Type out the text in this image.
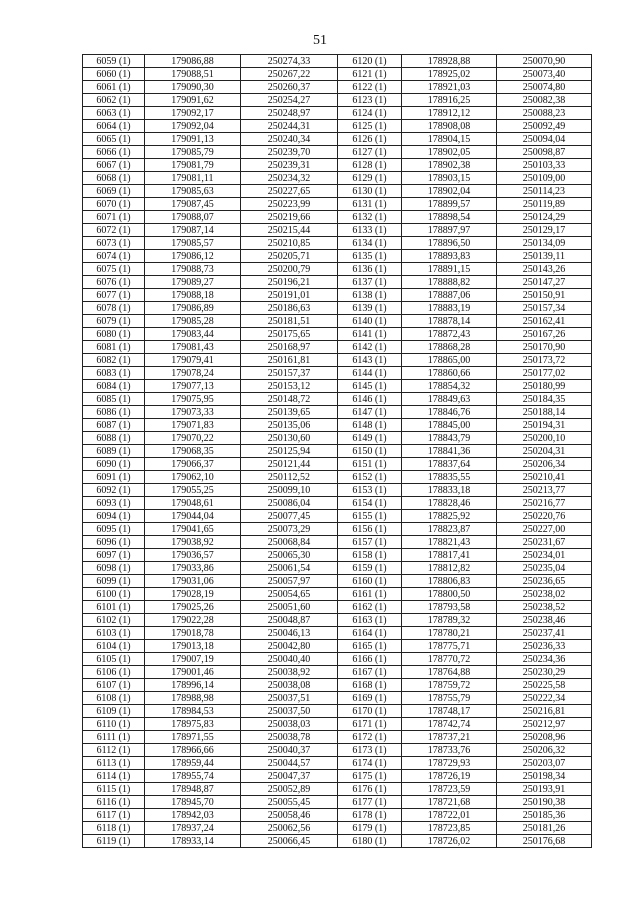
51
6059 (1)	179086,88	250274,33	6120 (1)	178928,88	250070,90
6060 (1)	179088,51	250267,22	6121 (1)	178925,02	250073,40
6061 (1)	179090,30	250260,37	6122 (1)	178921,03	250074,80
6062 (1)	179091,62	250254,27	6123 (1)	178916,25	250082,38
6063 (1)	179092,17	250248,97	6124 (1)	178912,12	250088,23
6064 (1)	179092,04	250244,31	6125 (1)	178908,08	250092,49
6065 (1)	179091,13	250240,34	6126 (1)	178904,15	250094,04
6066 (1)	179085,79	250239,70	6127 (1)	178902,05	250098,87
6067 (1)	179081,79	250239,31	6128 (1)	178902,38	250103,33
6068 (1)	179081,11	250234,32	6129 (1)	178903,15	250109,00
6069 (1)	179085,63	250227,65	6130 (1)	178902,04	250114,23
6070 (1)	179087,45	250223,99	6131 (1)	178899,57	250119,89
6071 (1)	179088,07	250219,66	6132 (1)	178898,54	250124,29
6072 (1)	179087,14	250215,44	6133 (1)	178897,97	250129,17
6073 (1)	179085,57	250210,85	6134 (1)	178896,50	250134,09
6074 (1)	179086,12	250205,71	6135 (1)	178893,83	250139,11
6075 (1)	179088,73	250200,79	6136 (1)	178891,15	250143,26
6076 (1)	179089,27	250196,21	6137 (1)	178888,82	250147,27
6077 (1)	179088,18	250191,01	6138 (1)	178887,06	250150,91
6078 (1)	179086,89	250186,63	6139 (1)	178883,19	250157,34
6079 (1)	179085,28	250181,51	6140 (1)	178878,14	250162,41
6080 (1)	179083,44	250175,65	6141 (1)	178872,43	250167,26
6081 (1)	179081,43	250168,97	6142 (1)	178868,28	250170,90
6082 (1)	179079,41	250161,81	6143 (1)	178865,00	250173,72
6083 (1)	179078,24	250157,37	6144 (1)	178860,66	250177,02
6084 (1)	179077,13	250153,12	6145 (1)	178854,32	250180,99
6085 (1)	179075,95	250148,72	6146 (1)	178849,63	250184,35
6086 (1)	179073,33	250139,65	6147 (1)	178846,76	250188,14
6087 (1)	179071,83	250135,06	6148 (1)	178845,00	250194,31
6088 (1)	179070,22	250130,60	6149 (1)	178843,79	250200,10
6089 (1)	179068,35	250125,94	6150 (1)	178841,36	250204,31
6090 (1)	179066,37	250121,44	6151 (1)	178837,64	250206,34
6091 (1)	179062,10	250112,52	6152 (1)	178835,55	250210,41
6092 (1)	179055,25	250099,10	6153 (1)	178833,18	250213,77
6093 (1)	179048,61	250086,04	6154 (1)	178828,46	250216,77
6094 (1)	179044,04	250077,45	6155 (1)	178825,92	250220,76
6095 (1)	179041,65	250073,29	6156 (1)	178823,87	250227,00
6096 (1)	179038,92	250068,84	6157 (1)	178821,43	250231,67
6097 (1)	179036,57	250065,30	6158 (1)	178817,41	250234,01
6098 (1)	179033,86	250061,54	6159 (1)	178812,82	250235,04
6099 (1)	179031,06	250057,97	6160 (1)	178806,83	250236,65
6100 (1)	179028,19	250054,65	6161 (1)	178800,50	250238,02
6101 (1)	179025,26	250051,60	6162 (1)	178793,58	250238,52
6102 (1)	179022,28	250048,87	6163 (1)	178789,32	250238,46
6103 (1)	179018,78	250046,13	6164 (1)	178780,21	250237,41
6104 (1)	179013,18	250042,80	6165 (1)	178775,71	250236,33
6105 (1)	179007,19	250040,40	6166 (1)	178770,72	250234,36
6106 (1)	179001,46	250038,92	6167 (1)	178764,88	250230,29
6107 (1)	178996,14	250038,08	6168 (1)	178759,72	250225,58
6108 (1)	178988,98	250037,51	6169 (1)	178755,79	250222,34
6109 (1)	178984,53	250037,50	6170 (1)	178748,17	250216,81
6110 (1)	178975,83	250038,03	6171 (1)	178742,74	250212,97
6111 (1)	178971,55	250038,78	6172 (1)	178737,21	250208,96
6112 (1)	178966,66	250040,37	6173 (1)	178733,76	250206,32
6113 (1)	178959,44	250044,57	6174 (1)	178729,93	250203,07
6114 (1)	178955,74	250047,37	6175 (1)	178726,19	250198,34
6115 (1)	178948,87	250052,89	6176 (1)	178723,59	250193,91
6116 (1)	178945,70	250055,45	6177 (1)	178721,68	250190,38
6117 (1)	178942,03	250058,46	6178 (1)	178722,01	250185,36
6118 (1)	178937,24	250062,56	6179 (1)	178723,85	250181,26
6119 (1)	178933,14	250066,45	6180 (1)	178726,02	250176,68
